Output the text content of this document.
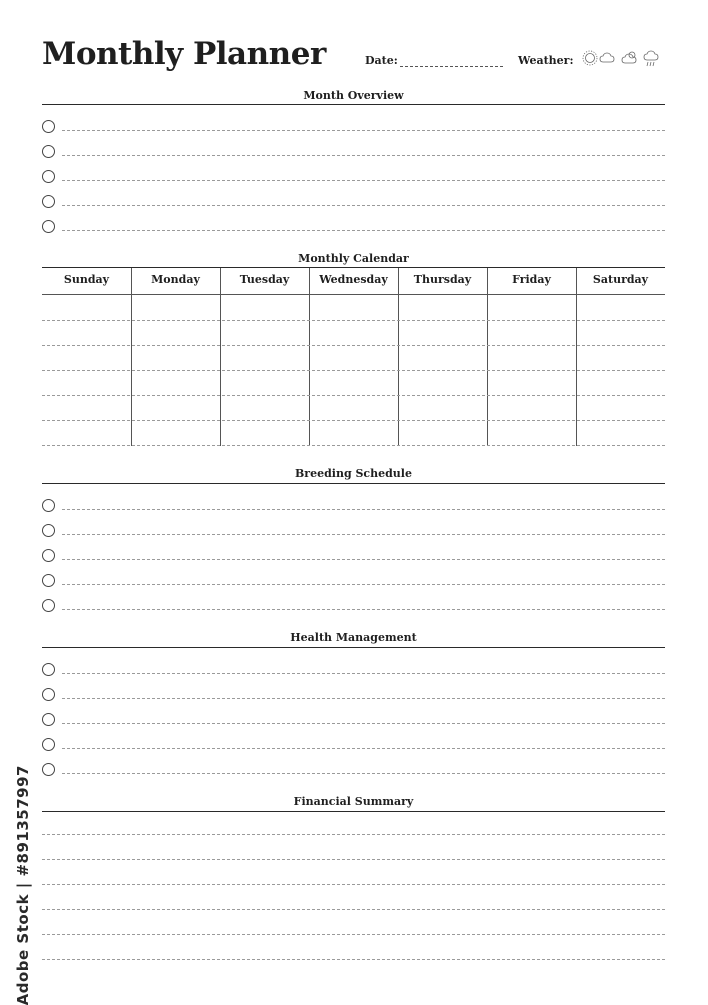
Monthly Planner	Date:	Weather:
Month Overview
Monthly Calendar
Sunday	Monday	Tuesday	Wednesday	Thursday	Friday	Saturday
Breeding Schedule
Health Management
Financial Summary
Adobe Stock | #891357997
